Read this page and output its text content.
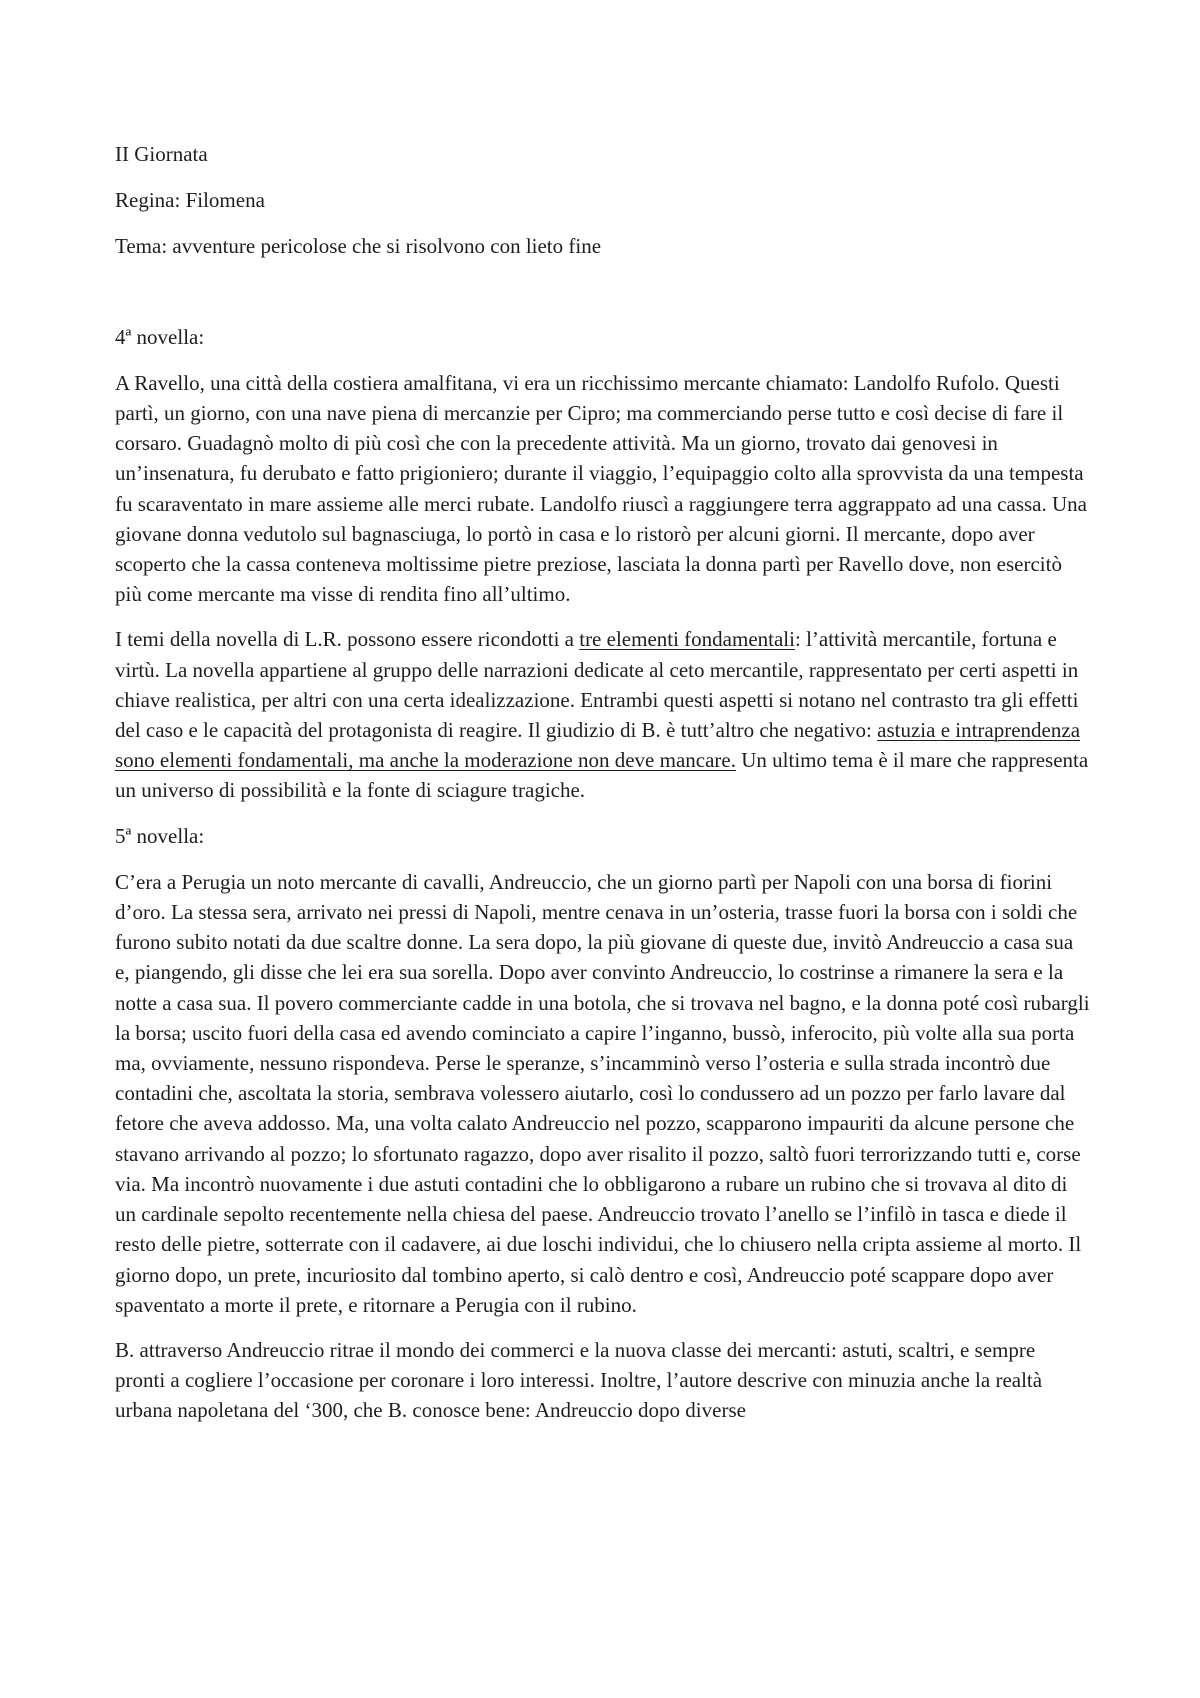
II Giornata

Regina: Filomena

Tema: avventure pericolose che si risolvono con lieto fine

4ª novella:

A Ravello, una città della costiera amalfitana, vi era un ricchissimo mercante chiamato: Landolfo Rufolo. Questi partì, un giorno, con una nave piena di mercanzie per Cipro; ma commerciando perse tutto e così decise di fare il corsaro. Guadagnò molto di più così che con la precedente attività. Ma un giorno, trovato dai genovesi in un’insenatura, fu derubato e fatto prigioniero; durante il viaggio, l’equipaggio colto alla sprovvista da una tempesta fu scaraventato in mare assieme alle merci rubate. Landolfo riuscì a raggiungere terra aggrappato ad una cassa. Una giovane donna vedutolo sul bagnasciuga, lo portò in casa e lo ristorò per alcuni giorni. Il mercante, dopo aver scoperto che la cassa conteneva moltissime pietre preziose, lasciata la donna partì per Ravello dove, non esercitò più come mercante ma visse di rendita fino all’ultimo.

I temi della novella di L.R. possono essere ricondotti a tre elementi fondamentali: l’attività mercantile, fortuna e virtù. La novella appartiene al gruppo delle narrazioni dedicate al ceto mercantile, rappresentato per certi aspetti in chiave realistica, per altri con una certa idealizzazione. Entrambi questi aspetti si notano nel contrasto tra gli effetti del caso e le capacità del protagonista di reagire. Il giudizio di B. è tutt’altro che negativo: astuzia e intraprendenza sono elementi fondamentali, ma anche la moderazione non deve mancare. Un ultimo tema è il mare che rappresenta un universo di possibilità e la fonte di sciagure tragiche.

5ª novella:

C’era a Perugia un noto mercante di cavalli, Andreuccio, che un giorno partì per Napoli con una borsa di fiorini d’oro. La stessa sera, arrivato nei pressi di Napoli, mentre cenava in un’osteria, trasse fuori la borsa con i soldi che furono subito notati da due scaltre donne. La sera dopo, la più giovane di queste due, invitò Andreuccio a casa sua e, piangendo, gli disse che lei era sua sorella. Dopo aver convinto Andreuccio, lo costrinse a rimanere la sera e la notte a casa sua. Il povero commerciante cadde in una botola, che si trovava nel bagno, e la donna poté così rubargli la borsa; uscito fuori della casa ed avendo cominciato a capire l’inganno, bussò, inferocito, più volte alla sua porta ma, ovviamente, nessuno rispondeva. Perse le speranze, s’incamminò verso l’osteria e sulla strada incontrò due contadini che, ascoltata la storia, sembrava volessero aiutarlo, così lo condussero ad un pozzo per farlo lavare dal fetore che aveva addosso. Ma, una volta calato Andreuccio nel pozzo, scapparono impauriti da alcune persone che stavano arrivando al pozzo; lo sfortunato ragazzo, dopo aver risalito il pozzo, saltò fuori terrorizzando tutti e, corse via. Ma incontrò nuovamente i due astuti contadini che lo obbligarono a rubare un rubino che si trovava al dito di un cardinale sepolto recentemente nella chiesa del paese. Andreuccio trovato l’anello se l’infilò in tasca e diede il resto delle pietre, sotterrate con il cadavere, ai due loschi individui, che lo chiusero nella cripta assieme al morto. Il giorno dopo, un prete, incuriosito dal tombino aperto, si calò dentro e così, Andreuccio poté scappare dopo aver spaventato a morte il prete, e ritornare a Perugia con il rubino.

B. attraverso Andreuccio ritrae il mondo dei commerci e la nuova classe dei mercanti: astuti, scaltri, e sempre pronti a cogliere l’occasione per coronare i loro interessi. Inoltre, l’autore descrive con minuzia anche la realtà urbana napoletana del ‘300, che B. conosce bene: Andreuccio dopo diverse
